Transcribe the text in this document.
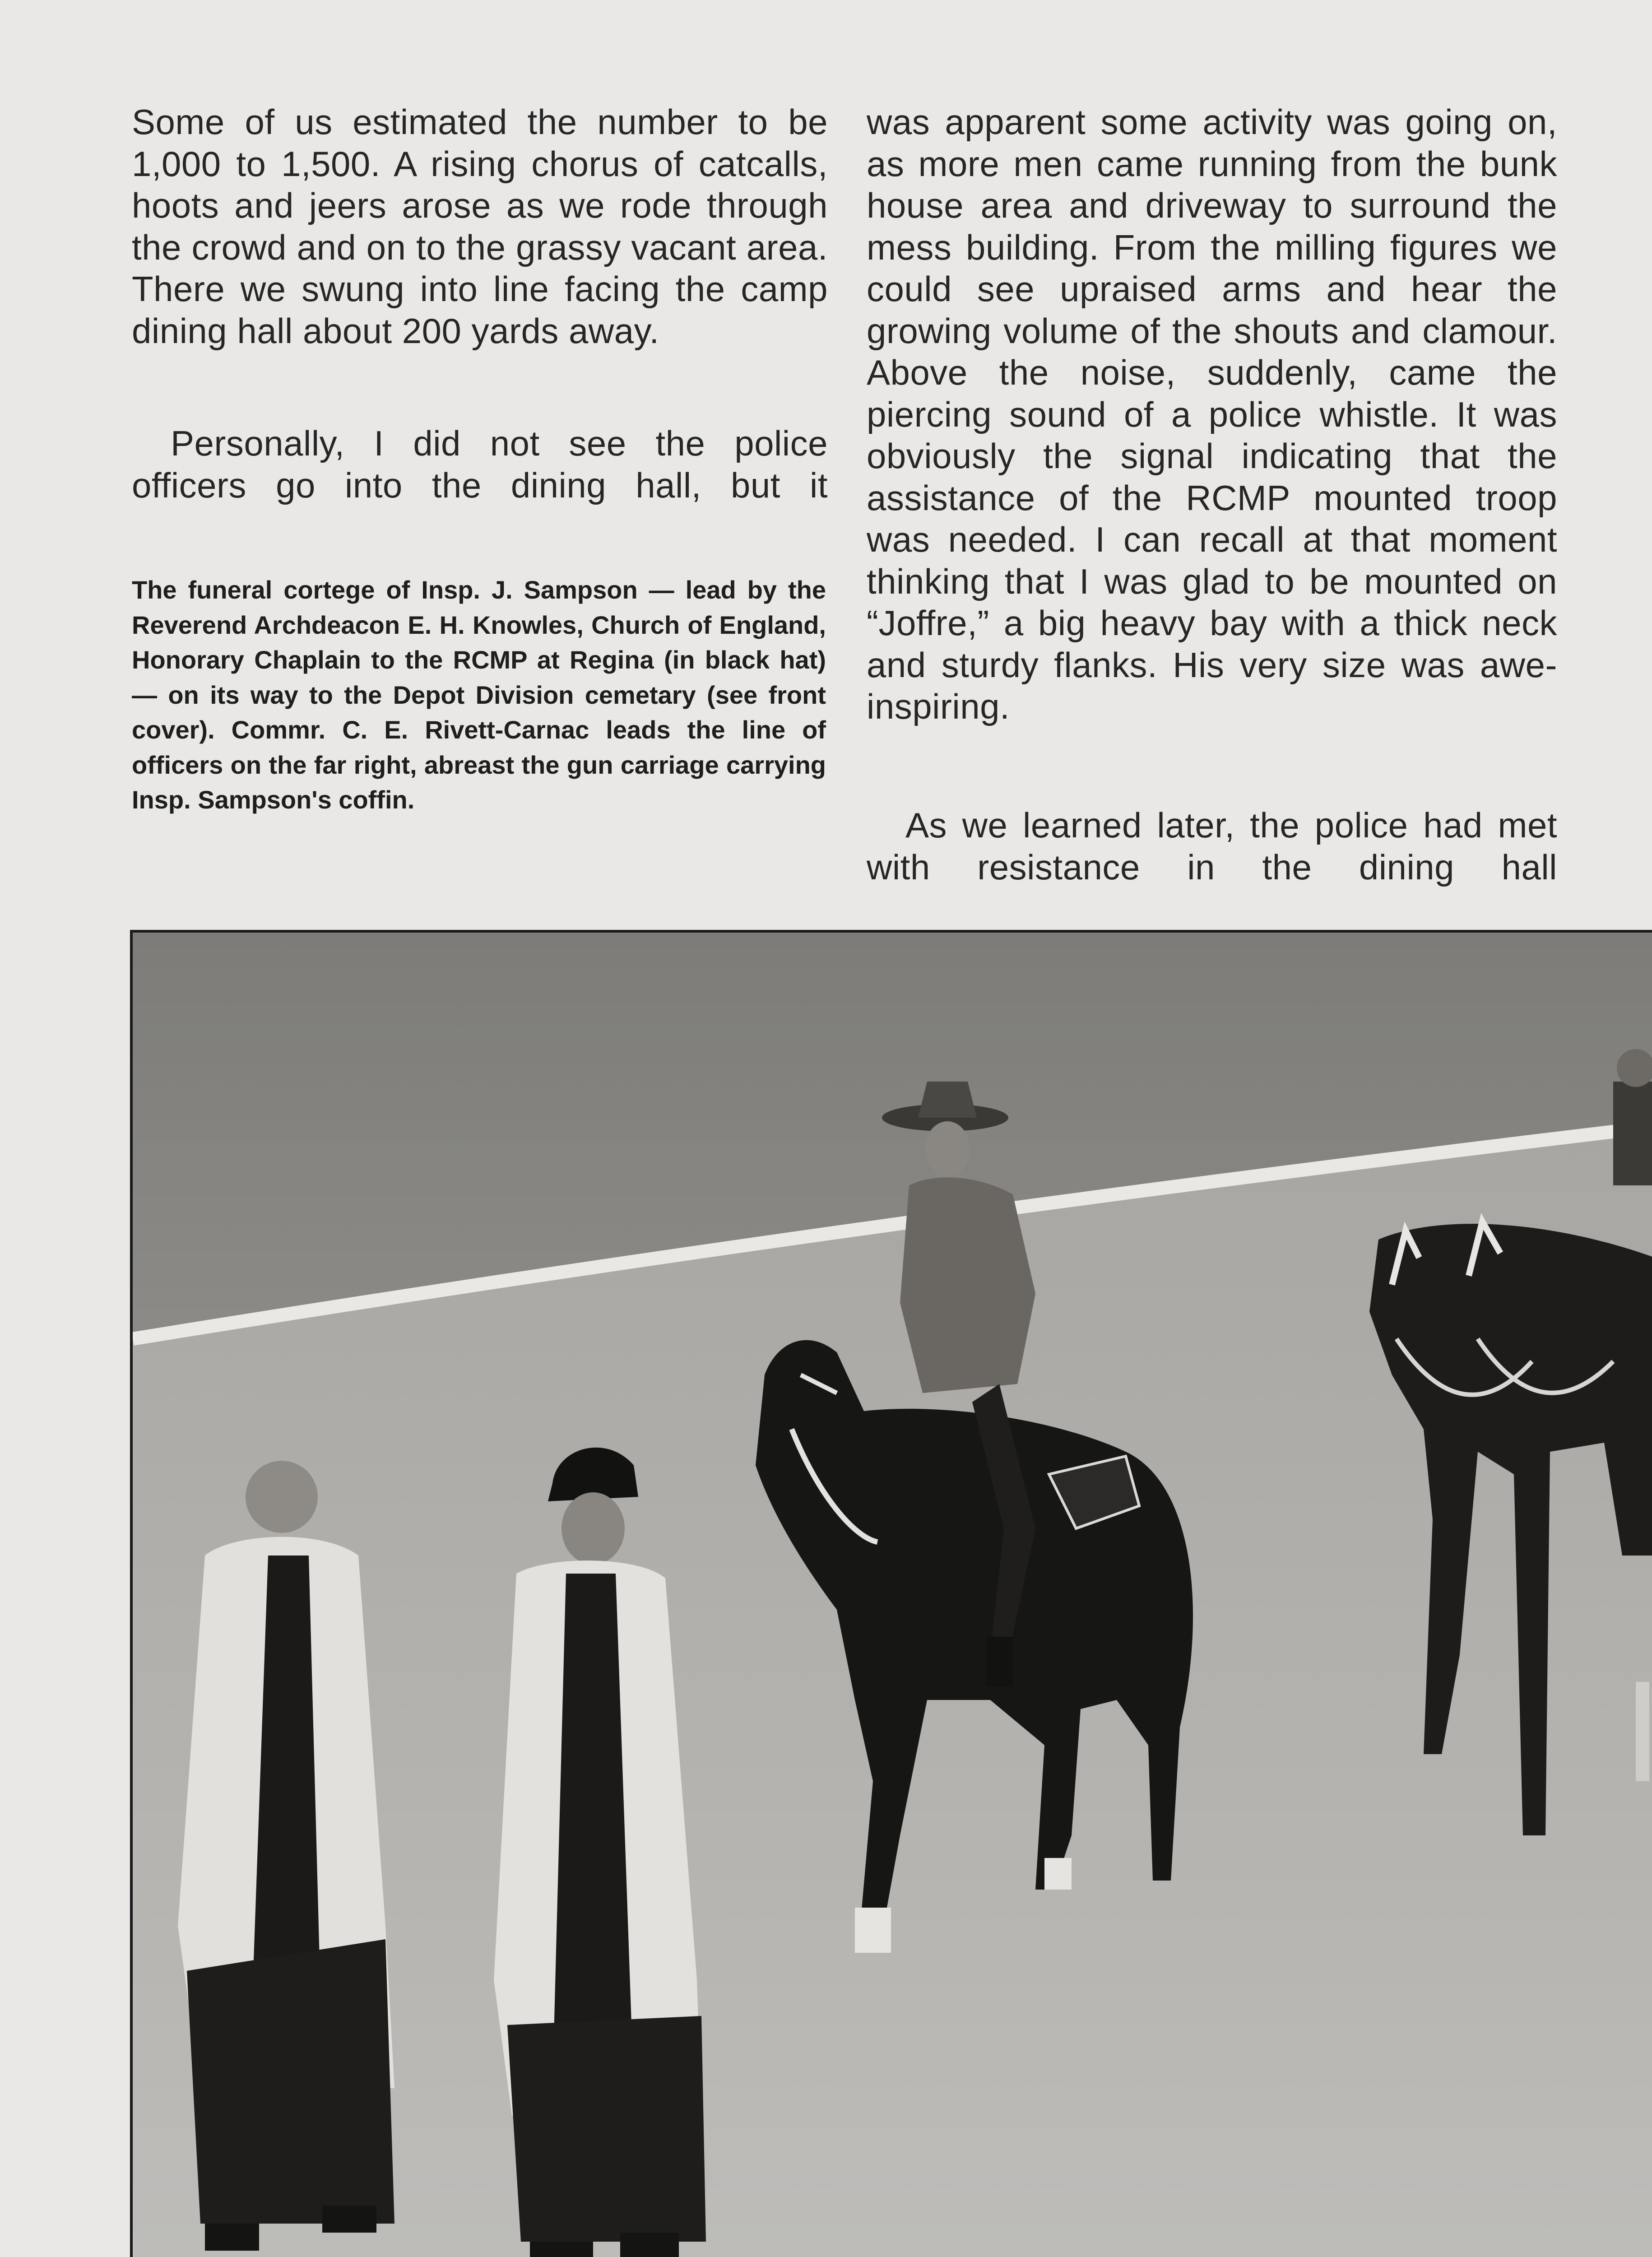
Some of us estimated the number to be 1,000 to 1,500. A rising chorus of catcalls, hoots and jeers arose as we rode through the crowd and on to the grassy vacant area. There we swung into line facing the camp dining hall about 200 yards away.

Personally, I did not see the police officers go into the dining hall, but it

The funeral cortege of Insp. J. Sampson — lead by the Reverend Archdeacon E. H. Knowles, Church of England, Honorary Chaplain to the RCMP at Regina (in black hat) — on its way to the Depot Division cemetary (see front cover). Commr. C. E. Rivett-Carnac leads the line of officers on the far right, abreast the gun carriage carrying Insp. Sampson's coffin.

was apparent some activity was going on, as more men came running from the bunk house area and driveway to surround the mess building. From the milling figures we could see upraised arms and hear the growing volume of the shouts and clamour. Above the noise, suddenly, came the piercing sound of a police whistle. It was obviously the signal indicating that the assistance of the RCMP mounted troop was needed. I can recall at that moment thinking that I was glad to be mounted on “Joffre,” a big heavy bay with a thick neck and sturdy flanks. His very size was awe-inspiring.

As we learned later, the police had met with resistance in the dining hall
